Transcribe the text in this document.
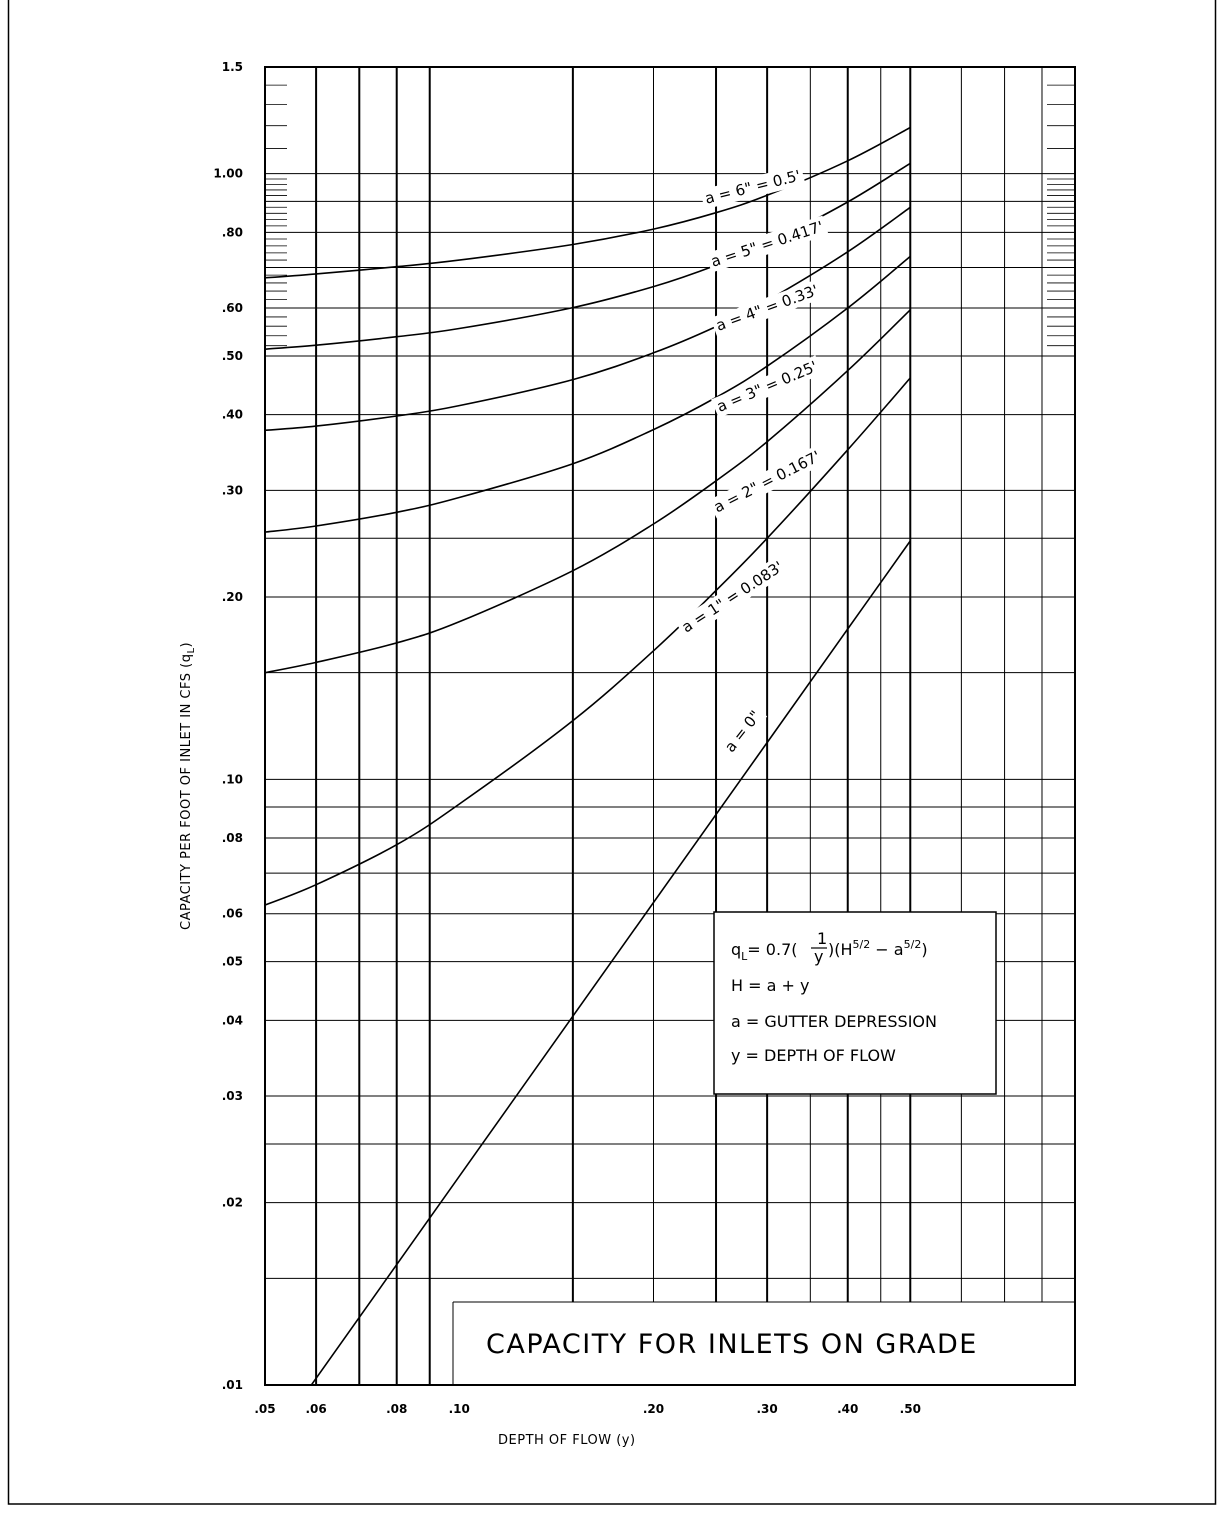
.01
.02
.03
.04
.05
.06
.08
.10
.20
.30
.40
.50
.60
.80
1.00
1.5
.05 .06	.08	.10	.20	.30	.40	.50
a = 6" = 0.5'
a = 5" = 0.417'
a = 4" = 0.33'
a = 3" = 0.25'
a = 2" = 0.167'
a = 1" = 0.083'
a = 0"
CAPACITY PER FOOT OF INLET IN CFS $(q_L)$
DEPTH OF FLOW (y)
$q_L= 0.7$(
1
y )$(H^{5/2} - a^{5/2})$
H = a + y
a = GUTTER DEPRESSION
y = DEPTH OF FLOW
CAPACITY FOR INLETS ON GRADE
